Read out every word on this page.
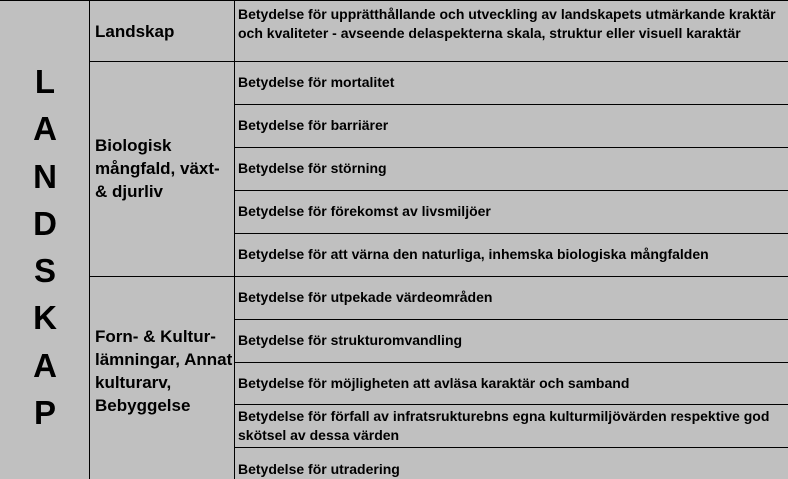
L
A
N
D
S
K
A
P
Landskap
Betydelse för upprätthållande och utveckling av landskapets utmärkande kraktär och kvaliteter - avseende delaspekterna skala, struktur eller visuell karaktär
Biologisk mångfald, växt- & djurliv
Betydelse för mortalitet
Betydelse för barriärer
Betydelse för störning
Betydelse för förekomst av livsmiljöer
Betydelse för att värna den naturliga, inhemska biologiska mångfalden
Forn- & Kultur-lämningar, Annat kulturarv, Bebyggelse
Betydelse för utpekade värdeområden
Betydelse för strukturomvandling
Betydelse för möjligheten att avläsa karaktär och samband
Betydelse för förfall av infratsrukturebns egna kulturmiljövärden respektive god skötsel av dessa värden
Betydelse för utradering
